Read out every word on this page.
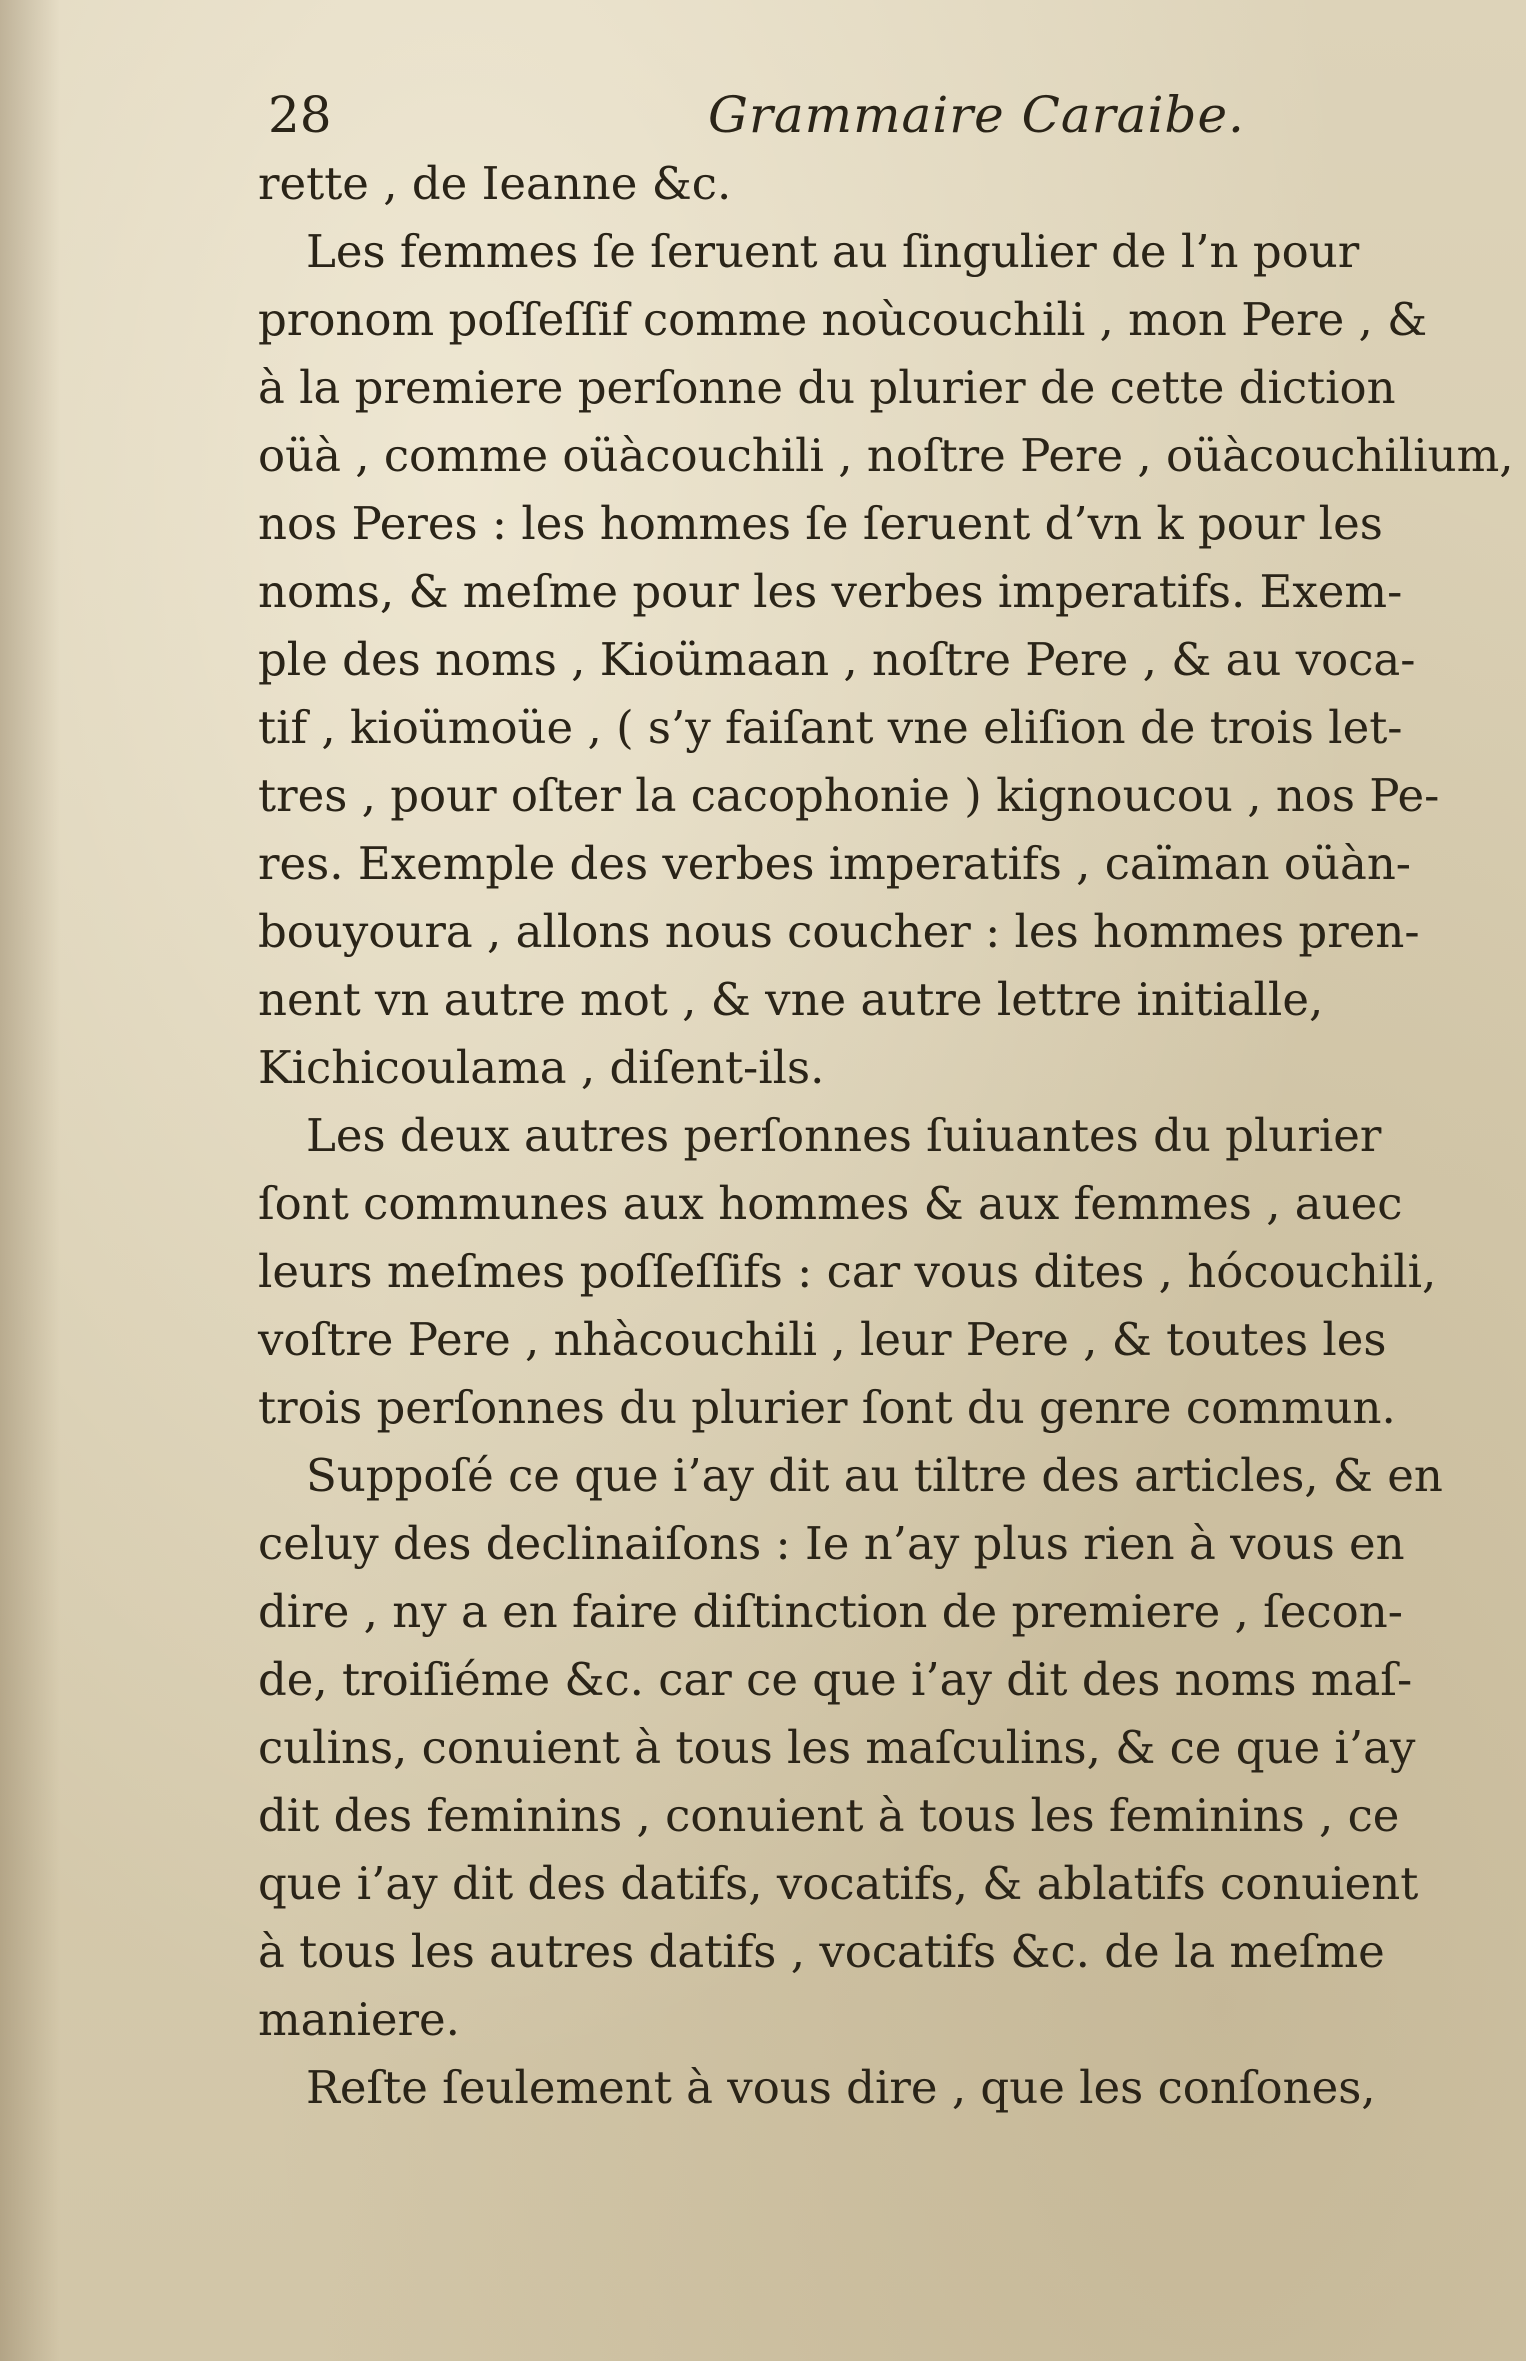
28	Grammaire Caraibe.
rette , de Ieanne &c.
Les femmes ſe ſeruent au ſingulier de l’n pour
pronom poſſeſſif comme noùcouchili , mon Pere , &
à la premiere perſonne du plurier de cette diction
oüà , comme oüàcouchili , noſtre Pere , oüàcouchilium,
nos Peres : les hommes ſe ſeruent d’vn k pour les
noms, & meſme pour les verbes imperatifs. Exem-
ple des noms , Kioümaan , noſtre Pere , & au voca-
tif , kioümoüe , ( s’y faiſant vne eliſion de trois let-
tres , pour oſter la cacophonie ) kignoucou , nos Pe-
res. Exemple des verbes imperatifs , caïman oüàn-
bouyoura , allons nous coucher : les hommes pren-
nent vn autre mot , & vne autre lettre initialle,
Kichicoulama , diſent-ils.
Les deux autres perſonnes ſuiuantes du plurier
ſont communes aux hommes & aux femmes , auec
leurs meſmes poſſeſſifs : car vous dites , hócouchili,
voſtre Pere , nhàcouchili , leur Pere , & toutes les
trois perſonnes du plurier ſont du genre commun.
Suppoſé ce que i’ay dit au tiltre des articles, & en
celuy des declinaiſons : Ie n’ay plus rien à vous en
dire , ny a en faire diſtinction de premiere , ſecon-
de, troiſiéme &c. car ce que i’ay dit des noms maſ-
culins, conuient à tous les maſculins, & ce que i’ay
dit des feminins , conuient à tous les feminins , ce
que i’ay dit des datifs, vocatifs, & ablatifs conuient
à tous les autres datifs , vocatifs &c. de la meſme
maniere.
Reſte ſeulement à vous dire , que les conſones,
